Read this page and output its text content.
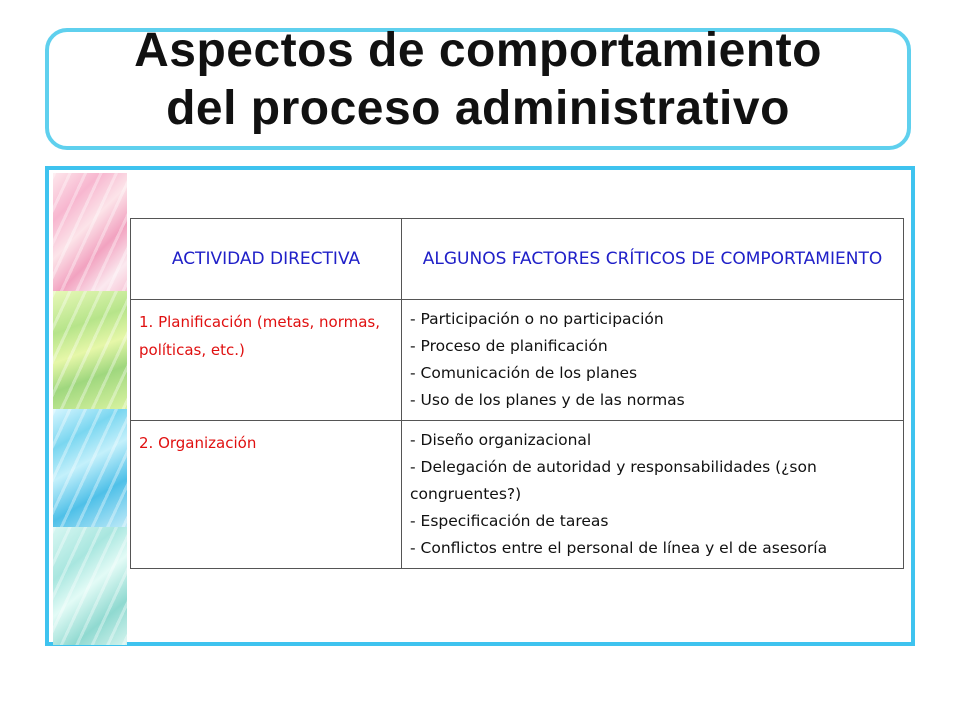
Aspectos de comportamiento
del proceso administrativo
ACTIVIDAD DIRECTIVA	ALGUNOS FACTORES CRÍTICOS DE COMPORTAMIENTO
1. Planificación (metas, normas, políticas, etc.)	- Participación o no participación
- Proceso de planificación
- Comunicación de los planes
- Uso de los planes y de las normas

2. Organización	- Diseño organizacional
- Delegación de autoridad y responsabilidades (¿son congruentes?)
- Especificación de tareas
- Conflictos entre el personal de línea y el de asesoría
